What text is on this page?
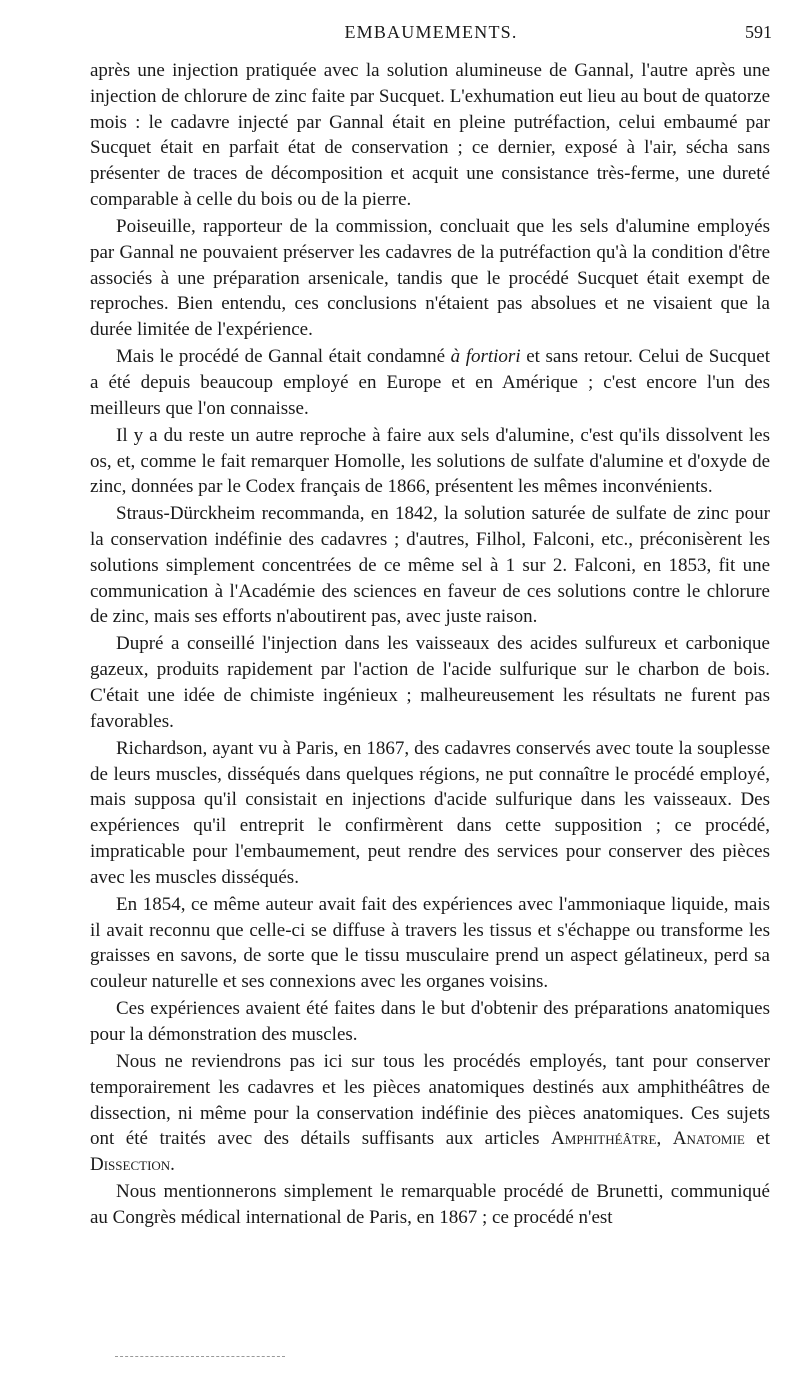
EMBAUMEMENTS.	591

après une injection pratiquée avec la solution alumineuse de Gannal, l'autre après une injection de chlorure de zinc faite par Sucquet. L'exhumation eut lieu au bout de quatorze mois : le cadavre injecté par Gannal était en pleine putréfaction, celui embaumé par Sucquet était en parfait état de conservation ; ce dernier, exposé à l'air, sécha sans présenter de traces de décomposition et acquit une consistance très-ferme, une dureté comparable à celle du bois ou de la pierre.

Poiseuille, rapporteur de la commission, concluait que les sels d'alumine employés par Gannal ne pouvaient préserver les cadavres de la putréfaction qu'à la condition d'être associés à une préparation arsenicale, tandis que le procédé Sucquet était exempt de reproches. Bien entendu, ces conclusions n'étaient pas absolues et ne visaient que la durée limitée de l'expérience.

Mais le procédé de Gannal était condamné à fortiori et sans retour. Celui de Sucquet a été depuis beaucoup employé en Europe et en Amérique ; c'est encore l'un des meilleurs que l'on connaisse.

Il y a du reste un autre reproche à faire aux sels d'alumine, c'est qu'ils dissolvent les os, et, comme le fait remarquer Homolle, les solutions de sulfate d'alumine et d'oxyde de zinc, données par le Codex français de 1866, présentent les mêmes inconvénients.

Straus-Dürckheim recommanda, en 1842, la solution saturée de sulfate de zinc pour la conservation indéfinie des cadavres ; d'autres, Filhol, Falconi, etc., préconisèrent les solutions simplement concentrées de ce même sel à 1 sur 2. Falconi, en 1853, fit une communication à l'Académie des sciences en faveur de ces solutions contre le chlorure de zinc, mais ses efforts n'aboutirent pas, avec juste raison.

Dupré a conseillé l'injection dans les vaisseaux des acides sulfureux et carbonique gazeux, produits rapidement par l'action de l'acide sulfurique sur le charbon de bois. C'était une idée de chimiste ingénieux ; malheureusement les résultats ne furent pas favorables.

Richardson, ayant vu à Paris, en 1867, des cadavres conservés avec toute la souplesse de leurs muscles, disséqués dans quelques régions, ne put connaître le procédé employé, mais supposa qu'il consistait en injections d'acide sulfurique dans les vaisseaux. Des expériences qu'il entreprit le confirmèrent dans cette supposition ; ce procédé, impraticable pour l'embaumement, peut rendre des services pour conserver des pièces avec les muscles disséqués.

En 1854, ce même auteur avait fait des expériences avec l'ammoniaque liquide, mais il avait reconnu que celle-ci se diffuse à travers les tissus et s'échappe ou transforme les graisses en savons, de sorte que le tissu musculaire prend un aspect gélatineux, perd sa couleur naturelle et ses connexions avec les organes voisins.

Ces expériences avaient été faites dans le but d'obtenir des préparations anatomiques pour la démonstration des muscles.

Nous ne reviendrons pas ici sur tous les procédés employés, tant pour conserver temporairement les cadavres et les pièces anatomiques destinés aux amphithéâtres de dissection, ni même pour la conservation indéfinie des pièces anatomiques. Ces sujets ont été traités avec des détails suffisants aux articles Amphithéâtre, Anatomie et Dissection.

Nous mentionnerons simplement le remarquable procédé de Brunetti, communiqué au Congrès médical international de Paris, en 1867 ; ce procédé n'est
